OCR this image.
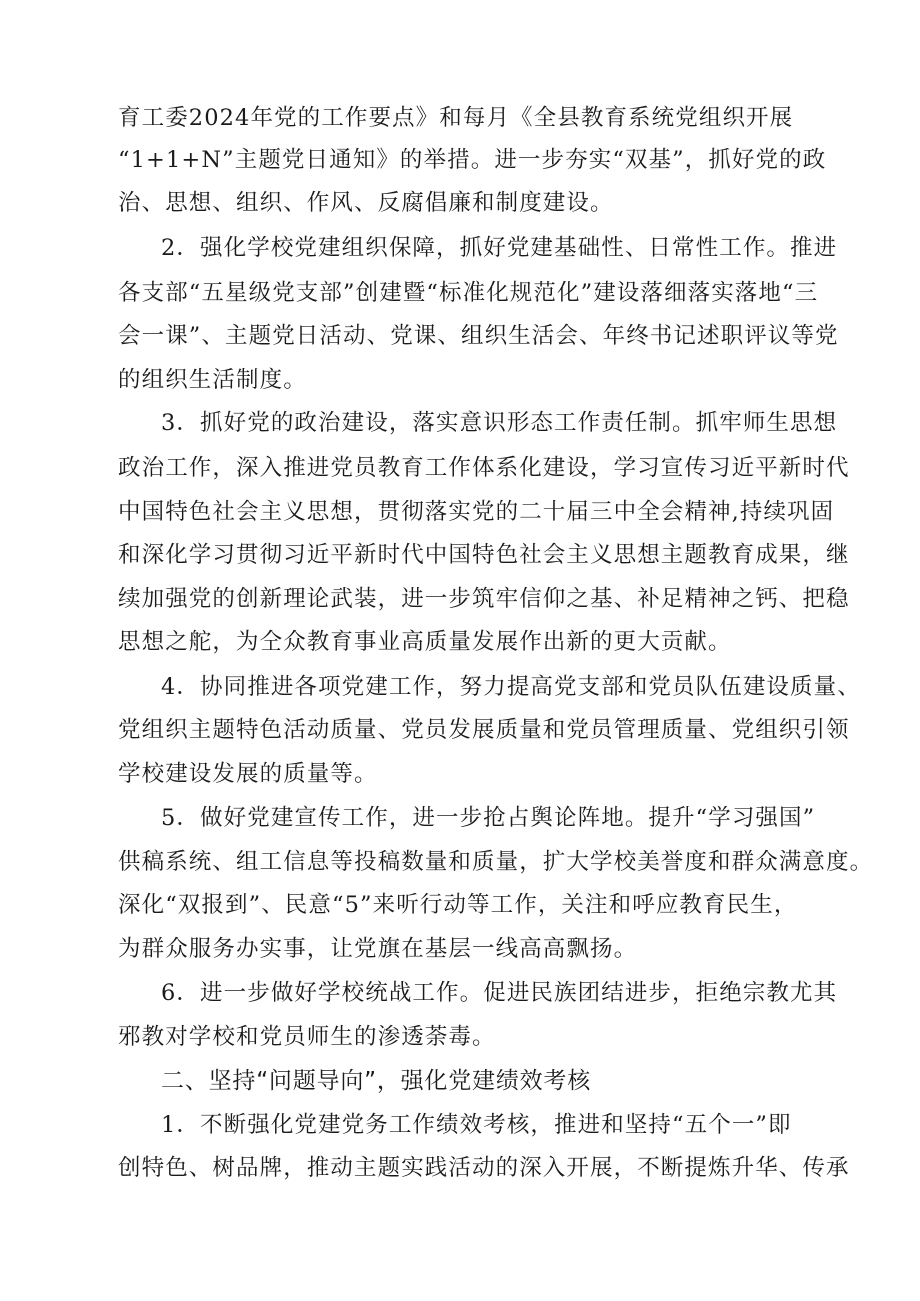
育工委2024年党的工作要点》和每月《全县教育系统党组织开展
“1+1+N”主题党日通知》的举措。进一步夯实“双基”，抓好党的政
治、思想、组织、作风、反腐倡廉和制度建设。
2．强化学校党建组织保障，抓好党建基础性、日常性工作。推进
各支部“五星级党支部”创建暨“标准化规范化”建设落细落实落地“三
会一课”、主题党日活动、党课、组织生活会、年终书记述职评议等党
的组织生活制度。
3．抓好党的政治建设，落实意识形态工作责任制。抓牢师生思想
政治工作，深入推进党员教育工作体系化建设，学习宣传习近平新时代
中国特色社会主义思想，贯彻落实党的二十届三中全会精神,持续巩固
和深化学习贯彻习近平新时代中国特色社会主义思想主题教育成果，继
续加强党的创新理论武装，进一步筑牢信仰之基、补足精神之钙、把稳
思想之舵，为仝众教育事业高质量发展作出新的更大贡献。
4．协同推进各项党建工作，努力提高党支部和党员队伍建设质量、
党组织主题特色活动质量、党员发展质量和党员管理质量、党组织引领
学校建设发展的质量等。
5．做好党建宣传工作，进一步抢占舆论阵地。提升“学习强国”
供稿系统、组工信息等投稿数量和质量，扩大学校美誉度和群众满意度。
深化“双报到”、民意“5”来听行动等工作，关注和呼应教育民生，
为群众服务办实事，让党旗在基层一线高高飘扬。
6．进一步做好学校统战工作。促进民族团结进步，拒绝宗教尤其
邪教对学校和党员师生的渗透荼毒。
二、坚持“问题导向”，强化党建绩效考核
1．不断强化党建党务工作绩效考核，推进和坚持“五个一”即
创特色、树品牌，推动主题实践活动的深入开展，不断提炼升华、传承
